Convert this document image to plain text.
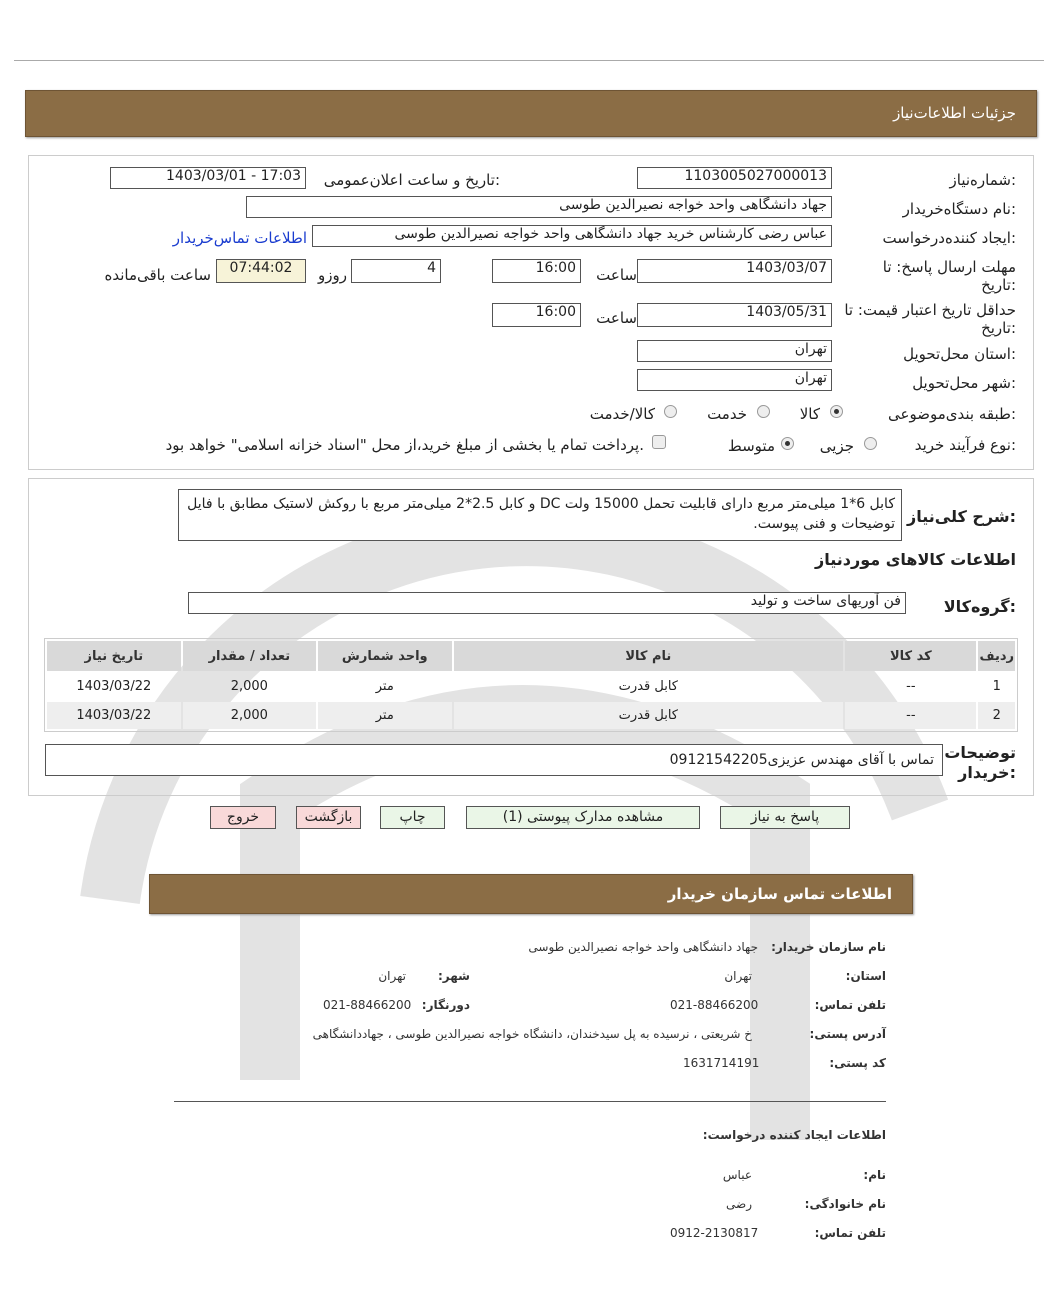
جزئیات اطلاعات‌نیاز
شماره‌نیاز:
1103005027000013
تاریخ و ساعت اعلان‌عمومی:
1403/03/01 - 17:03
نام دستگاه‌خریدار:
جهاد دانشگاهی واحد خواجه نصیرالدین طوسی
ایجاد کننده‌درخواست:
عباس رضی کارشناس خرید جهاد دانشگاهی واحد خواجه نصیرالدین طوسی
اطلاعات تماس‌خریدار
مهلت ارسال پاسخ: تا
تاریخ:
1403/03/07
ساعت
16:00
4
روزو
07:44:02
ساعت باقی‌مانده
حداقل تاریخ اعتبار قیمت: تا
تاریخ:
1403/05/31
ساعت
16:00
استان محل‌تحویل:
تهران
شهر محل‌تحویل:
تهران
طبقه بندی‌موضوعی:
کالا
خدمت
کالا/خدمت
نوع فرآیند خرید:
جزیی
متوسط
پرداخت تمام یا بخشی از مبلغ خرید،از محل "اسناد خزانه اسلامی" خواهد بود.
شرح کلی‌نیاز:
کابل 6*1 میلی‌متر مربع دارای قابلیت تحمل 15000 ولت DC و کابل 2.5*2 میلی‌متر مربع با روکش لاستیک مطابق با فایل توضیحات و فنی پیوست.
اطلاعات کالاهای موردنیاز
گروه‌کالا:
فن آوریهای ساخت و تولید
ردیف	کد کالا	نام کالا	واحد شمارش	تعداد / مقدار	تاریخ نیاز
1	--	کابل قدرت	متر	2,000	1403/03/22
2	--	کابل قدرت	متر	2,000	1403/03/22
توضیحات
خریدار:
تماس با آقای مهندس عزیزی09121542205
پاسخ به نیاز
مشاهده مدارک پیوستی (1)
چاپ
بازگشت
خروج
اطلاعات تماس سازمان خریدار
نام سازمان خریدار:
جهاد دانشگاهی واحد خواجه نصیرالدین طوسی
استان:
تهران
شهر:
تهران
تلفن تماس:
021-88466200
دورنگار:
021-88466200
آدرس پستی:
خ شریعتی ، نرسیده به پل سیدخندان، دانشگاه خواجه نصیرالدین طوسی ، جهاددانشگاهی
کد پستی:
1631714191
اطلاعات ایجاد کننده درخواست:
نام:
عباس
نام خانوادگی:
رضی
تلفن تماس:
0912-2130817
